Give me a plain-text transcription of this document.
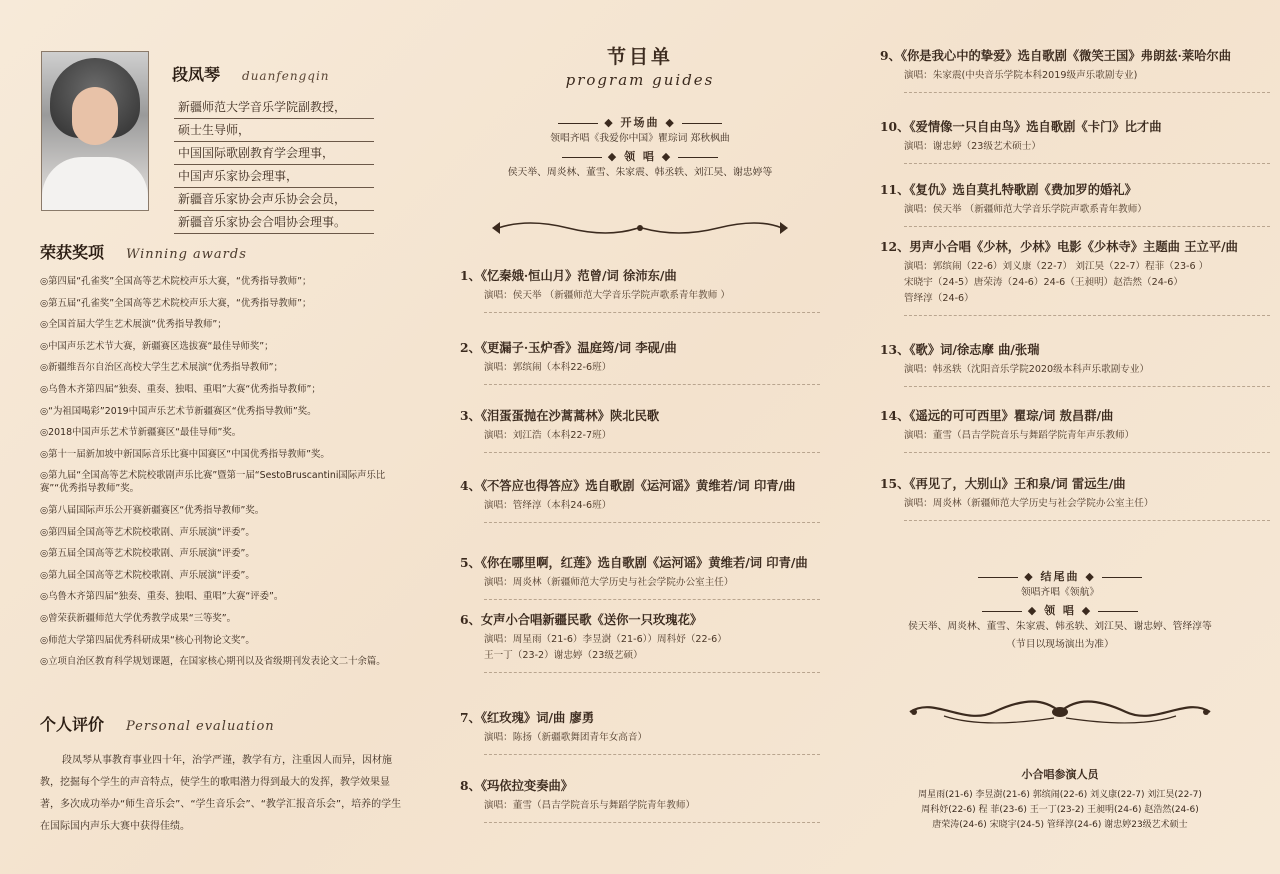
段凤琴 duanfengqin
新疆师范大学音乐学院副教授，
硕士生导师，
中国国际歌剧教育学会理事，
中国声乐家协会理事，
新疆音乐家协会声乐协会会员，
新疆音乐家协会合唱协会理事。
荣获奖项 Winning awards
◎第四届“孔雀奖”全国高等艺术院校声乐大赛，“优秀指导教师”；
◎第五届“孔雀奖”全国高等艺术院校声乐大赛，“优秀指导教师”；
◎全国首届大学生艺术展演“优秀指导教师”；
◎中国声乐艺术节大赛，新疆赛区选拔赛“最佳导师奖”；
◎新疆维吾尔自治区高校大学生艺术展演“优秀指导教师”；
◎乌鲁木齐第四届“独奏、重奏、独唱、重唱”大赛“优秀指导教师”；
◎“为祖国喝彩”2019中国声乐艺术节新疆赛区“优秀指导教师”奖。
◎2018中国声乐艺术节新疆赛区“最佳导师”奖。
◎第十一届新加坡中新国际音乐比赛中国赛区“中国优秀指导教师”奖。
◎第九届“全国高等艺术院校歌剧声乐比赛”暨第一届“SestoBruscantini国际声乐比赛”“优秀指导教师”奖。
◎第八届国际声乐公开赛新疆赛区“优秀指导教师”奖。
◎第四届全国高等艺术院校歌剧、声乐展演“评委”。
◎第五届全国高等艺术院校歌剧、声乐展演“评委”。
◎第九届全国高等艺术院校歌剧、声乐展演“评委”。
◎乌鲁木齐第四届“独奏、重奏、独唱、重唱”大赛“评委”。
◎曾荣获新疆师范大学优秀教学成果“三等奖”。
◎师范大学第四届优秀科研成果“核心刊物论文奖”。
◎立项自治区教育科学规划课题，在国家核心期刊以及省级期刊发表论文二十余篇。
个人评价 Personal evaluation
段凤琴从事教育事业四十年，治学严谨，教学有方，注重因人而异，因材施教，挖掘每个学生的声音特点，使学生的歌唱潜力得到最大的发挥，教学效果显著，多次成功举办“师生音乐会”、“学生音乐会”、“教学汇报音乐会”，培养的学生在国际国内声乐大赛中获得佳绩。
节目单
program guides
◆ 开场曲 ◆
领唱齐唱《我爱你中国》瞿琮词 郑秋枫曲
◆ 领 唱 ◆
侯天举、周炎林、董雪、朱家震、韩丞轶、刘江昊、谢忠婷等
1、《忆秦娥·恒山月》范曾/词 徐沛东/曲
演唱：侯天举 （新疆师范大学音乐学院声歌系青年教师 ）
2、《更漏子·玉炉香》温庭筠/词 李砚/曲
演唱：郭缤闹（本科22-6班）
3、《泪蛋蛋抛在沙蒿蒿林》陕北民歌
演唱：刘江浩（本科22-7班）
4、《不答应也得答应》选自歌剧《运河谣》黄维若/词 印青/曲
演唱：管绎淳（本科24-6班）
5、《你在哪里啊，红莲》选自歌剧《运河谣》黄维若/词 印青/曲
演唱：周炎林（新疆师范大学历史与社会学院办公室主任）
6、女声小合唱新疆民歌《送你一只玫瑰花》
演唱：周星雨（21-6）李昱澍（21-6））周科妤（22-6）
王一丁（23-2）谢忠婷（23级艺硕）
7、《红玫瑰》词/曲 廖勇
演唱：陈扬（新疆歌舞团青年女高音）
8、《玛依拉变奏曲》
演唱：董雪（昌吉学院音乐与舞蹈学院青年教师）
9、《你是我心中的挚爱》选自歌剧《微笑王国》弗朗兹·莱哈尔曲
演唱：朱家震(中央音乐学院本科2019级声乐歌剧专业)
10、《爱情像一只自由鸟》选自歌剧《卡门》比才曲
演唱：谢忠婷（23级艺术硕士）
11、《复仇》选自莫扎特歌剧《费加罗的婚礼》
演唱：侯天举 （新疆师范大学音乐学院声歌系青年教师）
12、男声小合唱《少林，少林》电影《少林寺》主题曲 王立平/曲
演唱：郭缤闹（22-6）刘义康（22-7） 刘江昊（22-7）程菲（23-6 ）
宋晓宇（24-5）唐荣涛（24-6）24-6（王昶明）赵浩然（24-6）
管绎淳（24-6）
13、《歌》词/徐志摩 曲/张瑞
演唱：韩丞轶（沈阳音乐学院2020级本科声乐歌剧专业）
14、《遥远的可可西里》瞿琮/词 敖昌群/曲
演唱：董雪（昌吉学院音乐与舞蹈学院青年声乐教师）
15、《再见了，大别山》王和泉/词 雷远生/曲
演唱：周炎林（新疆师范大学历史与社会学院办公室主任）
◆ 结尾曲 ◆
领唱齐唱《领航》
◆ 领 唱 ◆
侯天举、周炎林、董雪、朱家震、韩丞轶、刘江昊、谢忠婷、管绎淳等
（节目以现场演出为准）
小合唱参演人员
周星雨(21-6) 李昱澍(21-6) 郭缤闹(22-6) 刘义康(22-7) 刘江昊(22-7)
周科妤(22-6) 程 菲(23-6) 王一丁(23-2) 王昶明(24-6) 赵浩然(24-6)
唐荣涛(24-6) 宋晓宇(24-5) 管绎淳(24-6) 谢忠婷23级艺术硕士
